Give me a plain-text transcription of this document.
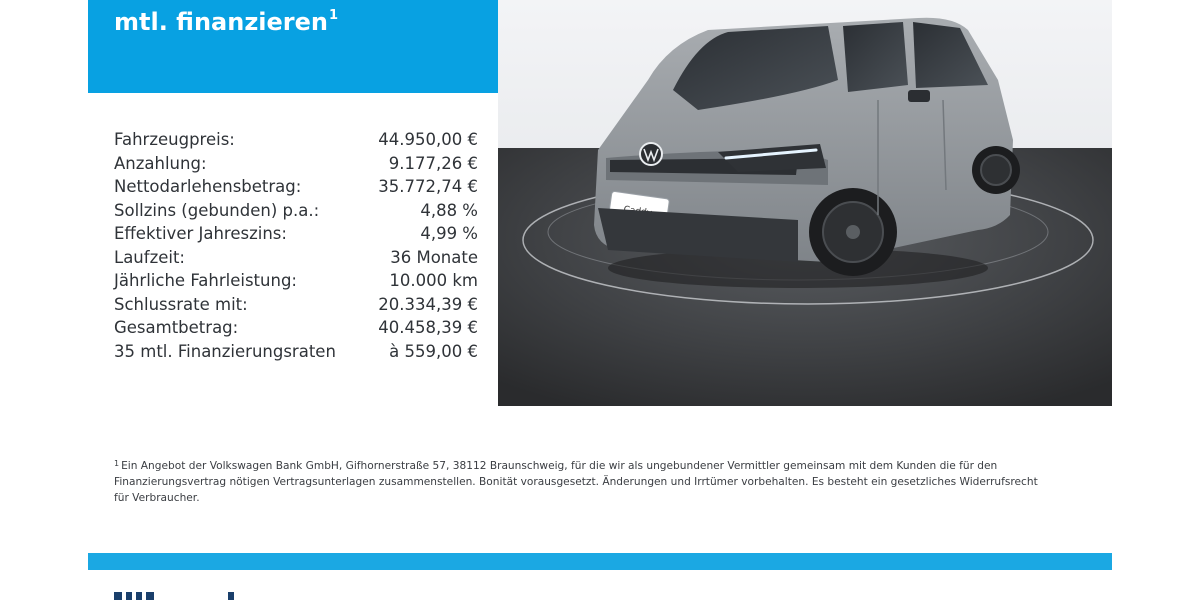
mtl. finanzieren$^1$
Fahrzeugpreis:	44.950,00 €
Anzahlung:	9.177,26 €
Nettodarlehensbetrag:	35.772,74 €
Sollzins (gebunden) p.a.:	4,88 %
Effektiver Jahreszins:	4,99 %
Laufzeit:	36 Monate
Jährliche Fahrleistung:	10.000 km
Schlussrate mit:	20.334,39 €
Gesamtbetrag:	40.458,39 €
35 mtl. Finanzierungsraten	à 559,00 €
$^1$ Ein Angebot der Volkswagen Bank GmbH, Gifhornerstraße 57, 38112 Braunschweig, für die wir als ungebundener Vermittler gemeinsam mit dem Kunden die für den Finanzierungsvertrag nötigen Vertragsunterlagen zusammenstellen. Bonität vorausgesetzt. Änderungen und Irrtümer vorbehalten. Es besteht ein gesetzliches Widerrufsrecht für Verbraucher.
